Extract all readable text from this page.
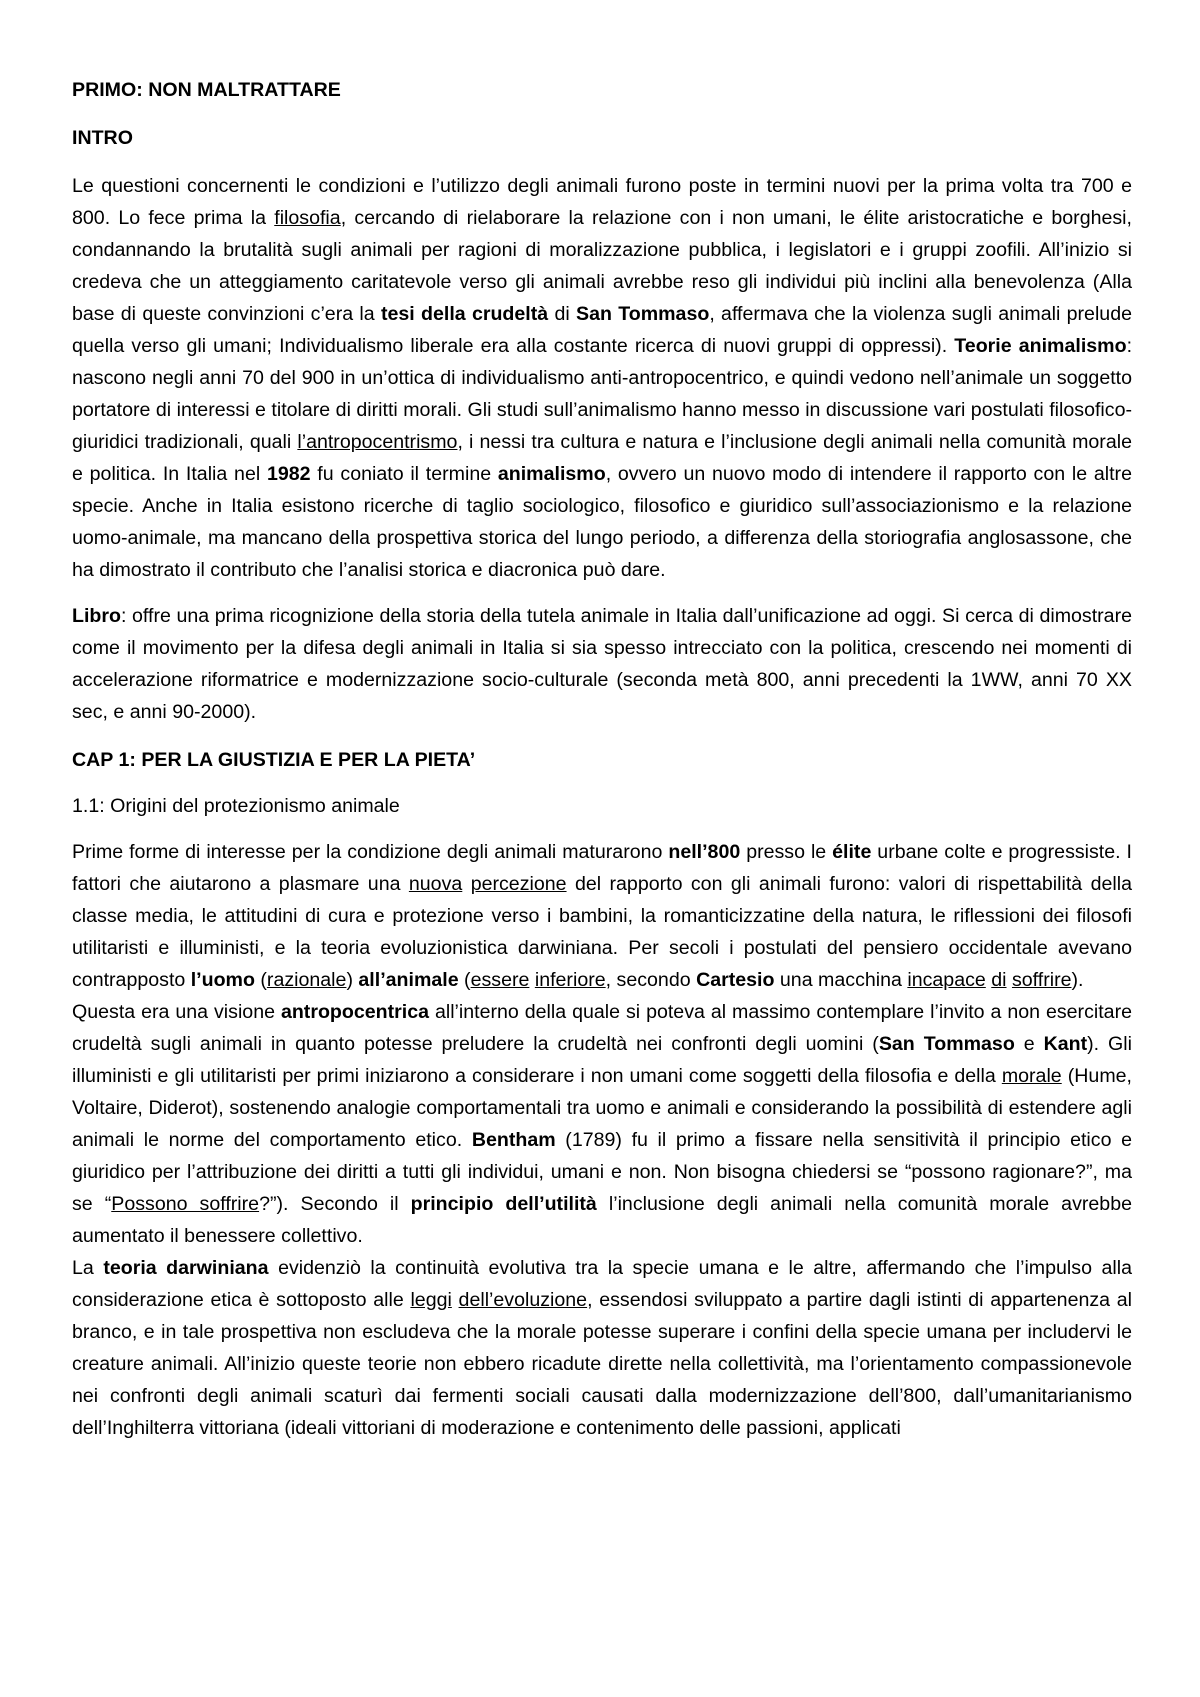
PRIMO: NON MALTRATTARE

INTRO

Le questioni concernenti le condizioni e l’utilizzo degli animali furono poste in termini nuovi per la prima volta tra 700 e 800. Lo fece prima la filosofia, cercando di rielaborare la relazione con i non umani, le élite aristocratiche e borghesi, condannando la brutalità sugli animali per ragioni di moralizzazione pubblica, i legislatori e i gruppi zoofili. All’inizio si credeva che un atteggiamento caritatevole verso gli animali avrebbe reso gli individui più inclini alla benevolenza (Alla base di queste convinzioni c’era la tesi della crudeltà di San Tommaso, affermava che la violenza sugli animali prelude quella verso gli umani; Individualismo liberale era alla costante ricerca di nuovi gruppi di oppressi). Teorie animalismo: nascono negli anni 70 del 900 in un’ottica di individualismo anti-antropocentrico, e quindi vedono nell’animale un soggetto portatore di interessi e titolare di diritti morali. Gli studi sull’animalismo hanno messo in discussione vari postulati filosofico-giuridici tradizionali, quali l’antropocentrismo, i nessi tra cultura e natura e l’inclusione degli animali nella comunità morale e politica. In Italia nel 1982 fu coniato il termine animalismo, ovvero un nuovo modo di intendere il rapporto con le altre specie. Anche in Italia esistono ricerche di taglio sociologico, filosofico e giuridico sull’associazionismo e la relazione uomo-animale, ma mancano della prospettiva storica del lungo periodo, a differenza della storiografia anglosassone, che ha dimostrato il contributo che l’analisi storica e diacronica può dare.

Libro: offre una prima ricognizione della storia della tutela animale in Italia dall’unificazione ad oggi. Si cerca di dimostrare come il movimento per la difesa degli animali in Italia si sia spesso intrecciato con la politica, crescendo nei momenti di accelerazione riformatrice e modernizzazione socio-culturale (seconda metà 800, anni precedenti la 1WW, anni 70 XX sec, e anni 90-2000).

CAP 1: PER LA GIUSTIZIA E PER LA PIETA’

1.1: Origini del protezionismo animale

Prime forme di interesse per la condizione degli animali maturarono nell’800 presso le élite urbane colte e progressiste. I fattori che aiutarono a plasmare una nuova percezione del rapporto con gli animali furono: valori di rispettabilità della classe media, le attitudini di cura e protezione verso i bambini, la romanticizzatine della natura, le riflessioni dei filosofi utilitaristi e illuministi, e la teoria evoluzionistica darwiniana. Per secoli i postulati del pensiero occidentale avevano contrapposto l’uomo (razionale) all’animale (essere inferiore, secondo Cartesio una macchina incapace di soffrire).

Questa era una visione antropocentrica all’interno della quale si poteva al massimo contemplare l’invito a non esercitare crudeltà sugli animali in quanto potesse preludere la crudeltà nei confronti degli uomini (San Tommaso e Kant). Gli illuministi e gli utilitaristi per primi iniziarono a considerare i non umani come soggetti della filosofia e della morale (Hume, Voltaire, Diderot), sostenendo analogie comportamentali tra uomo e animali e considerando la possibilità di estendere agli animali le norme del comportamento etico. Bentham (1789) fu il primo a fissare nella sensitività il principio etico e giuridico per l’attribuzione dei diritti a tutti gli individui, umani e non. Non bisogna chiedersi se “possono ragionare?”, ma se “Possono soffrire?”). Secondo il principio dell’utilità l’inclusione degli animali nella comunità morale avrebbe aumentato il benessere collettivo.

La teoria darwiniana evidenziò la continuità evolutiva tra la specie umana e le altre, affermando che l’impulso alla considerazione etica è sottoposto alle leggi dell’evoluzione, essendosi sviluppato a partire dagli istinti di appartenenza al branco, e in tale prospettiva non escludeva che la morale potesse superare i confini della specie umana per includervi le creature animali. All’inizio queste teorie non ebbero ricadute dirette nella collettività, ma l’orientamento compassionevole nei confronti degli animali scaturì dai fermenti sociali causati dalla modernizzazione dell’800, dall’umanitarianismo dell’Inghilterra vittoriana (ideali vittoriani di moderazione e contenimento delle passioni, applicati
